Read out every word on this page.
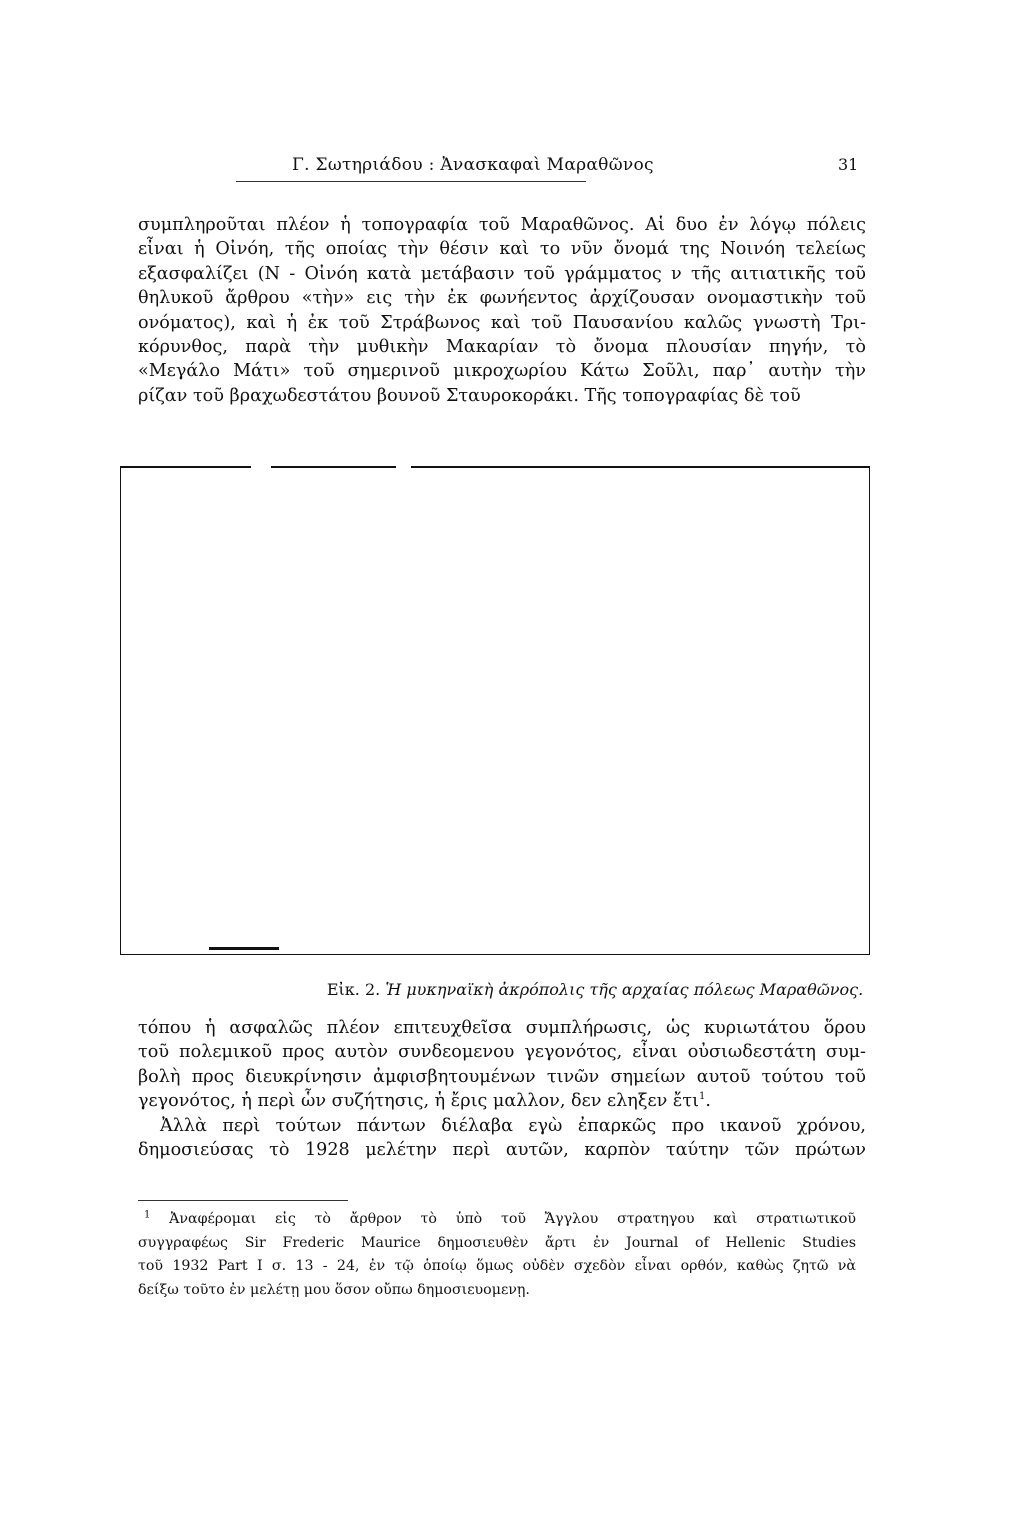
Γ. Σωτηριάδου : Ἀνασκαφαὶ Μαραθῶνος	31
συμπληροῦται πλέον ἡ τοπογραφία τοῦ Μαραθῶνος. Αἱ δυο ἐν λόγῳ πόλεις
εἶναι ἡ Οἰνόη, τῆς οποίας τὴν θέσιν καὶ το νῦν ὄνομά της Νοινόη τελείως
εξασφαλίζει (Ν - Οἰνόη κατὰ μετάβασιν τοῦ γράμματος ν τῆς αιτιατικῆς τοῦ
θηλυκοῦ ἄρθρου «τὴν» εις τὴν ἐκ φωνήεντος ἀρχίζουσαν ονομαστικὴν τοῦ
ονόματος), καὶ ἡ ἐκ τοῦ Στράβωνος καὶ τοῦ Παυσανίου καλῶς γνωστὴ Τρι-
κόρυνθος, παρὰ τὴν μυθικὴν Μακαρίαν τὸ ὄνομα πλουσίαν πηγήν, τὸ
«Μεγάλο Μάτι» τοῦ σημερινοῦ μικροχωρίου Κάτω Σοῦλι, παρ᾽ αυτὴν τὴν
ρίζαν τοῦ βραχωδεστάτου βουνοῦ Σταυροκοράκι. Τῆς τοπογραφίας δὲ τοῦ
Εἰκ. 2. Ἡ μυκηναϊκὴ ἀκρόπολις τῆς αρχαίας πόλεως Μαραθῶνος.
τόπου ἡ ασφαλῶς πλέον επιτευχθεῖσα συμπλήρωσις, ὡς κυριωτάτου ὅρου
τοῦ πολεμικοῦ προς αυτὸν συνδεομενου γεγονότος, εἶναι οὐσιωδεστάτη συμ-
βολὴ προς διευκρίνησιν ἀμφισβητουμένων τινῶν σημείων αυτοῦ τούτου τοῦ
γεγονότος, ἡ περὶ ὧν συζήτησις, ἡ ἔρις μαλλον, δεν εληξεν ἔτι$^1$.
Ἀλλὰ περὶ τούτων πάντων διέλαβα εγὼ ἐπαρκῶς προ ικανοῦ χρόνου,
δημοσιεύσας τὸ 1928 μελέτην περὶ αυτῶν, καρπὸν ταύτην τῶν πρώτων
$^1$ Ἀναφέρομαι εἰς τὸ ἄρθρον τὸ ὑπὸ τοῦ Ἄγγλου στρατηγου καὶ στρατιωτικοῦ
συγγραφέως Sir Frederic Maurice δημοσιευθὲν ἄρτι ἐν Journal of Hellenic Studies
τοῦ 1932 Part I σ. 13 - 24, ἐν τῷ ὁποίῳ ὅμως οὐδὲν σχεδὸν εἶναι ορθόν, καθὼς ζητῶ νὰ
δείξω τοῦτο ἐν μελέτῃ μου ὅσον οὔπω δημοσιευομενῃ.
